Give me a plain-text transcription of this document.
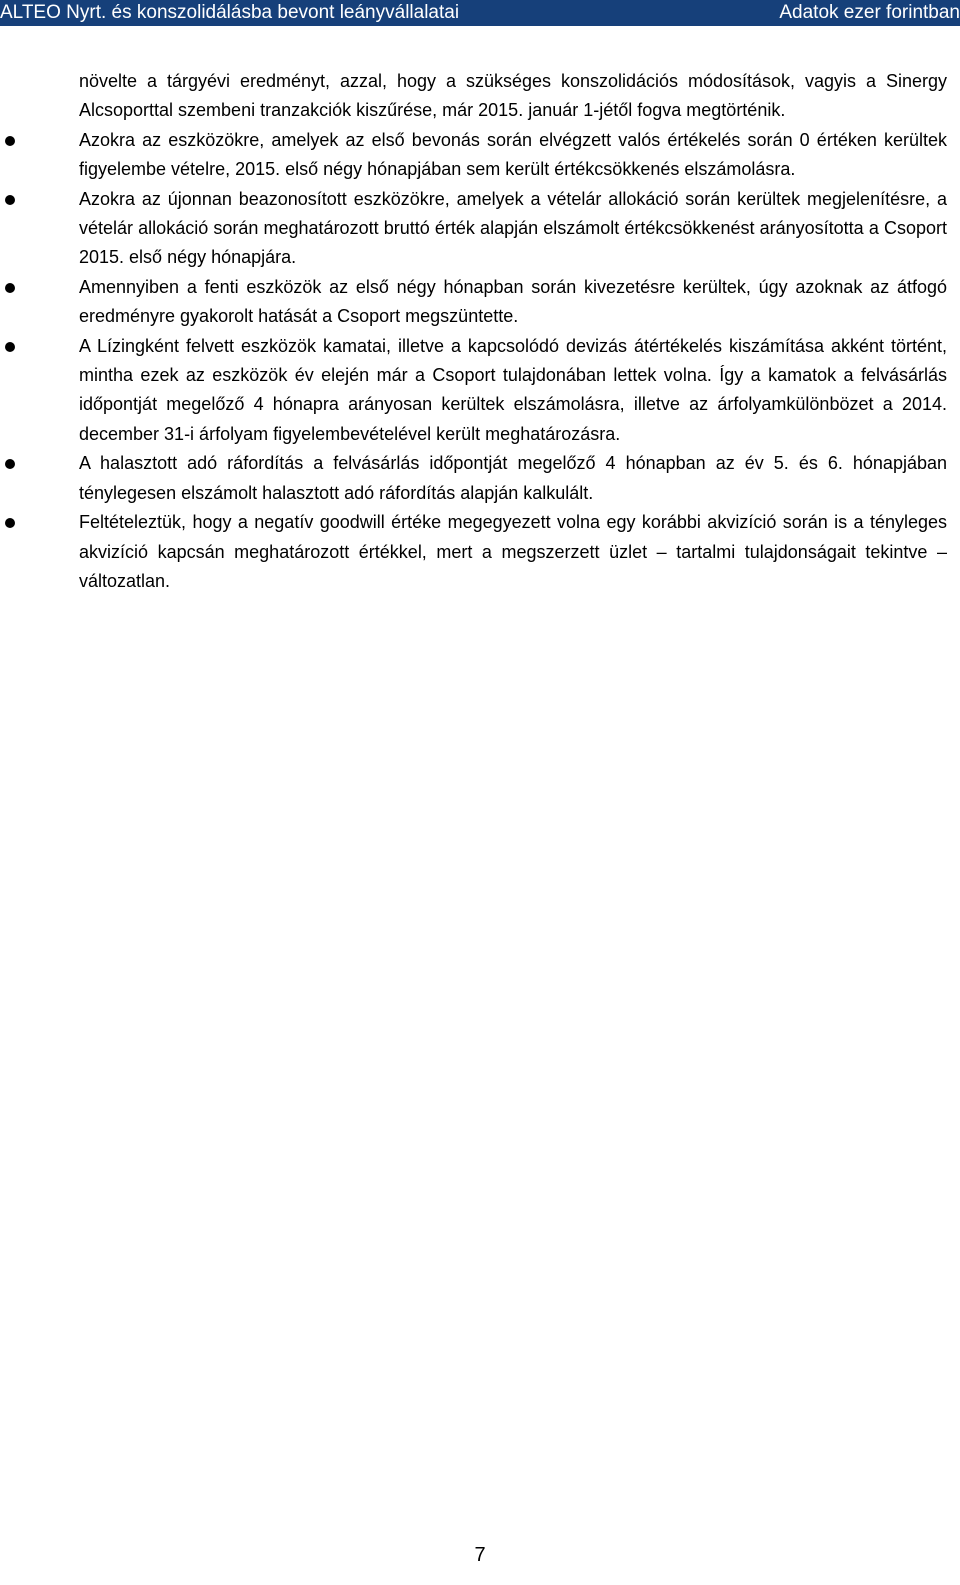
ALTEO Nyrt. és konszolidálásba bevont leányvállalatai	Adatok ezer forintban

növelte a tárgyévi eredményt, azzal, hogy a szükséges konszolidációs módosítások, vagyis a Sinergy Alcsoporttal szembeni tranzakciók kiszűrése, már 2015. január 1-jétől fogva megtörténik.

Azokra az eszközökre, amelyek az első bevonás során elvégzett valós értékelés során 0 értéken kerültek figyelembe vételre, 2015. első négy hónapjában sem került értékcsökkenés elszámolásra.
Azokra az újonnan beazonosított eszközökre, amelyek a vételár allokáció során kerültek megjelenítésre, a vételár allokáció során meghatározott bruttó érték alapján elszámolt értékcsökkenést arányosította a Csoport 2015. első négy hónapjára.
Amennyiben a fenti eszközök az első négy hónapban során kivezetésre kerültek, úgy azoknak az átfogó eredményre gyakorolt hatását a Csoport megszüntette.
A Lízingként felvett eszközök kamatai, illetve a kapcsolódó devizás átértékelés kiszámítása akként történt, mintha ezek az eszközök év elején már a Csoport tulajdonában lettek volna. Így a kamatok a felvásárlás időpontját megelőző 4 hónapra arányosan kerültek elszámolásra, illetve az árfolyamkülönbözet a 2014. december 31-i árfolyam figyelembevételével került meghatározásra.
A halasztott adó ráfordítás a felvásárlás időpontját megelőző 4 hónapban az év 5. és 6. hónapjában ténylegesen elszámolt halasztott adó ráfordítás alapján kalkulált.
Feltételeztük, hogy a negatív goodwill értéke megegyezett volna egy korábbi akvizíció során is a tényleges akvizíció kapcsán meghatározott értékkel, mert a megszerzett üzlet – tartalmi tulajdonságait tekintve – változatlan.
7
